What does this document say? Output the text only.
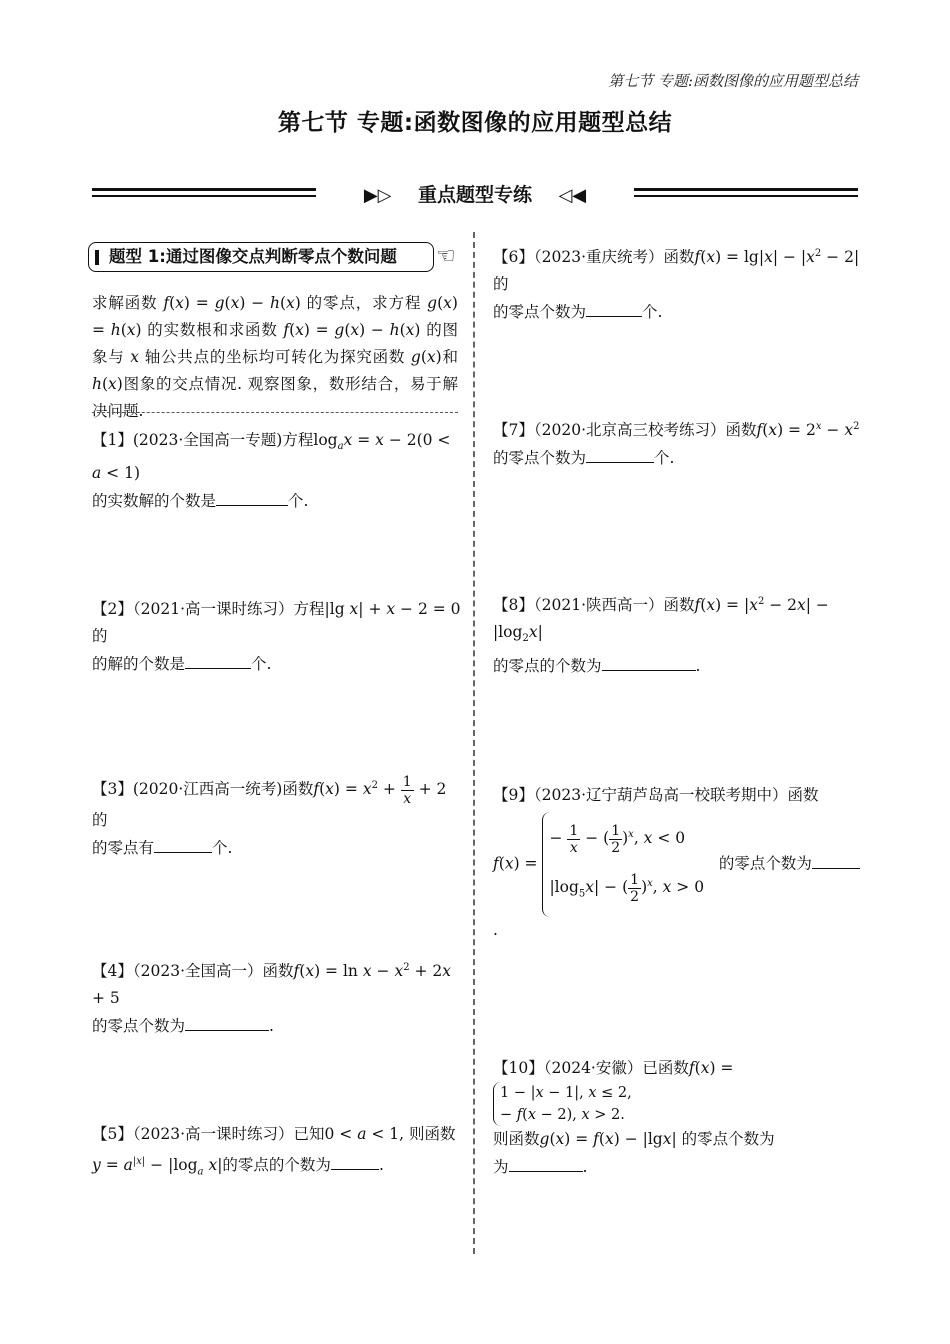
第七节 专题:函数图像的应用题型总结
第七节 专题:函数图像的应用题型总结
▶▷ 重点题型专练 ◁◀
题型 1:通过图像交点判断零点个数问题	☜
求解函数 f(x) = g(x) − h(x) 的零点，求方程 g(x) = h(x) 的实数根和求函数 f(x) = g(x) − h(x) 的图象与 x 轴公共点的坐标均可转化为探究函数 g(x)和h(x)图象的交点情况. 观察图象，数形结合，易于解决问题.
【1】(2023·全国高一专题)方程$\log_ax = x - 2(0 < a < 1)$
的实数解的个数是	个.
【2】（2021·高一课时练习）方程|lg x| + x − 2 = 0 的
的解的个数是	个.
【3】(2020·江西高一统考)函数$f(x) = x^2 + \frac{1}{x} + 2$ 的
的零点有	个.
【4】（2023·全国高一）函数$f(x) = \ln x - x^2 + 2x + 5$
的零点个数为	.
【5】（2023·高一课时练习）已知0 < a < 1, 则函数
$y = a^{|x|} - |\log_a$ x|的零点的个数为	.
【6】（2023·重庆统考）函数$f(x) = \lg|x| - |x^2 - 2|$ 的
的零点个数为	个.
【7】（2020·北京高三校考练习）函数$f(x) = 2^x - x^2$
的零点个数为	个.
【8】（2021·陕西高一）函数$f(x) = |x^2 - 2x| - |\log_2x|$
的零点的个数为	.
【9】（2023·辽宁葫芦岛高一校联考期中）函数
f(x) =
− $\frac{1}{x}$ − ( $\frac{1}{2} )^x$, x < 0
$|\log_5x|$ − ( $\frac{1}{2} )^x$, x > 0
的零点个数为.
【10】（2024·安徽）已函数f(x) =
1 − |x − 1|, x ≤ 2,
− f(x − 2), x > 2.

则函数g(x) = f(x) − |lgx| 的零点个数为
为	.
